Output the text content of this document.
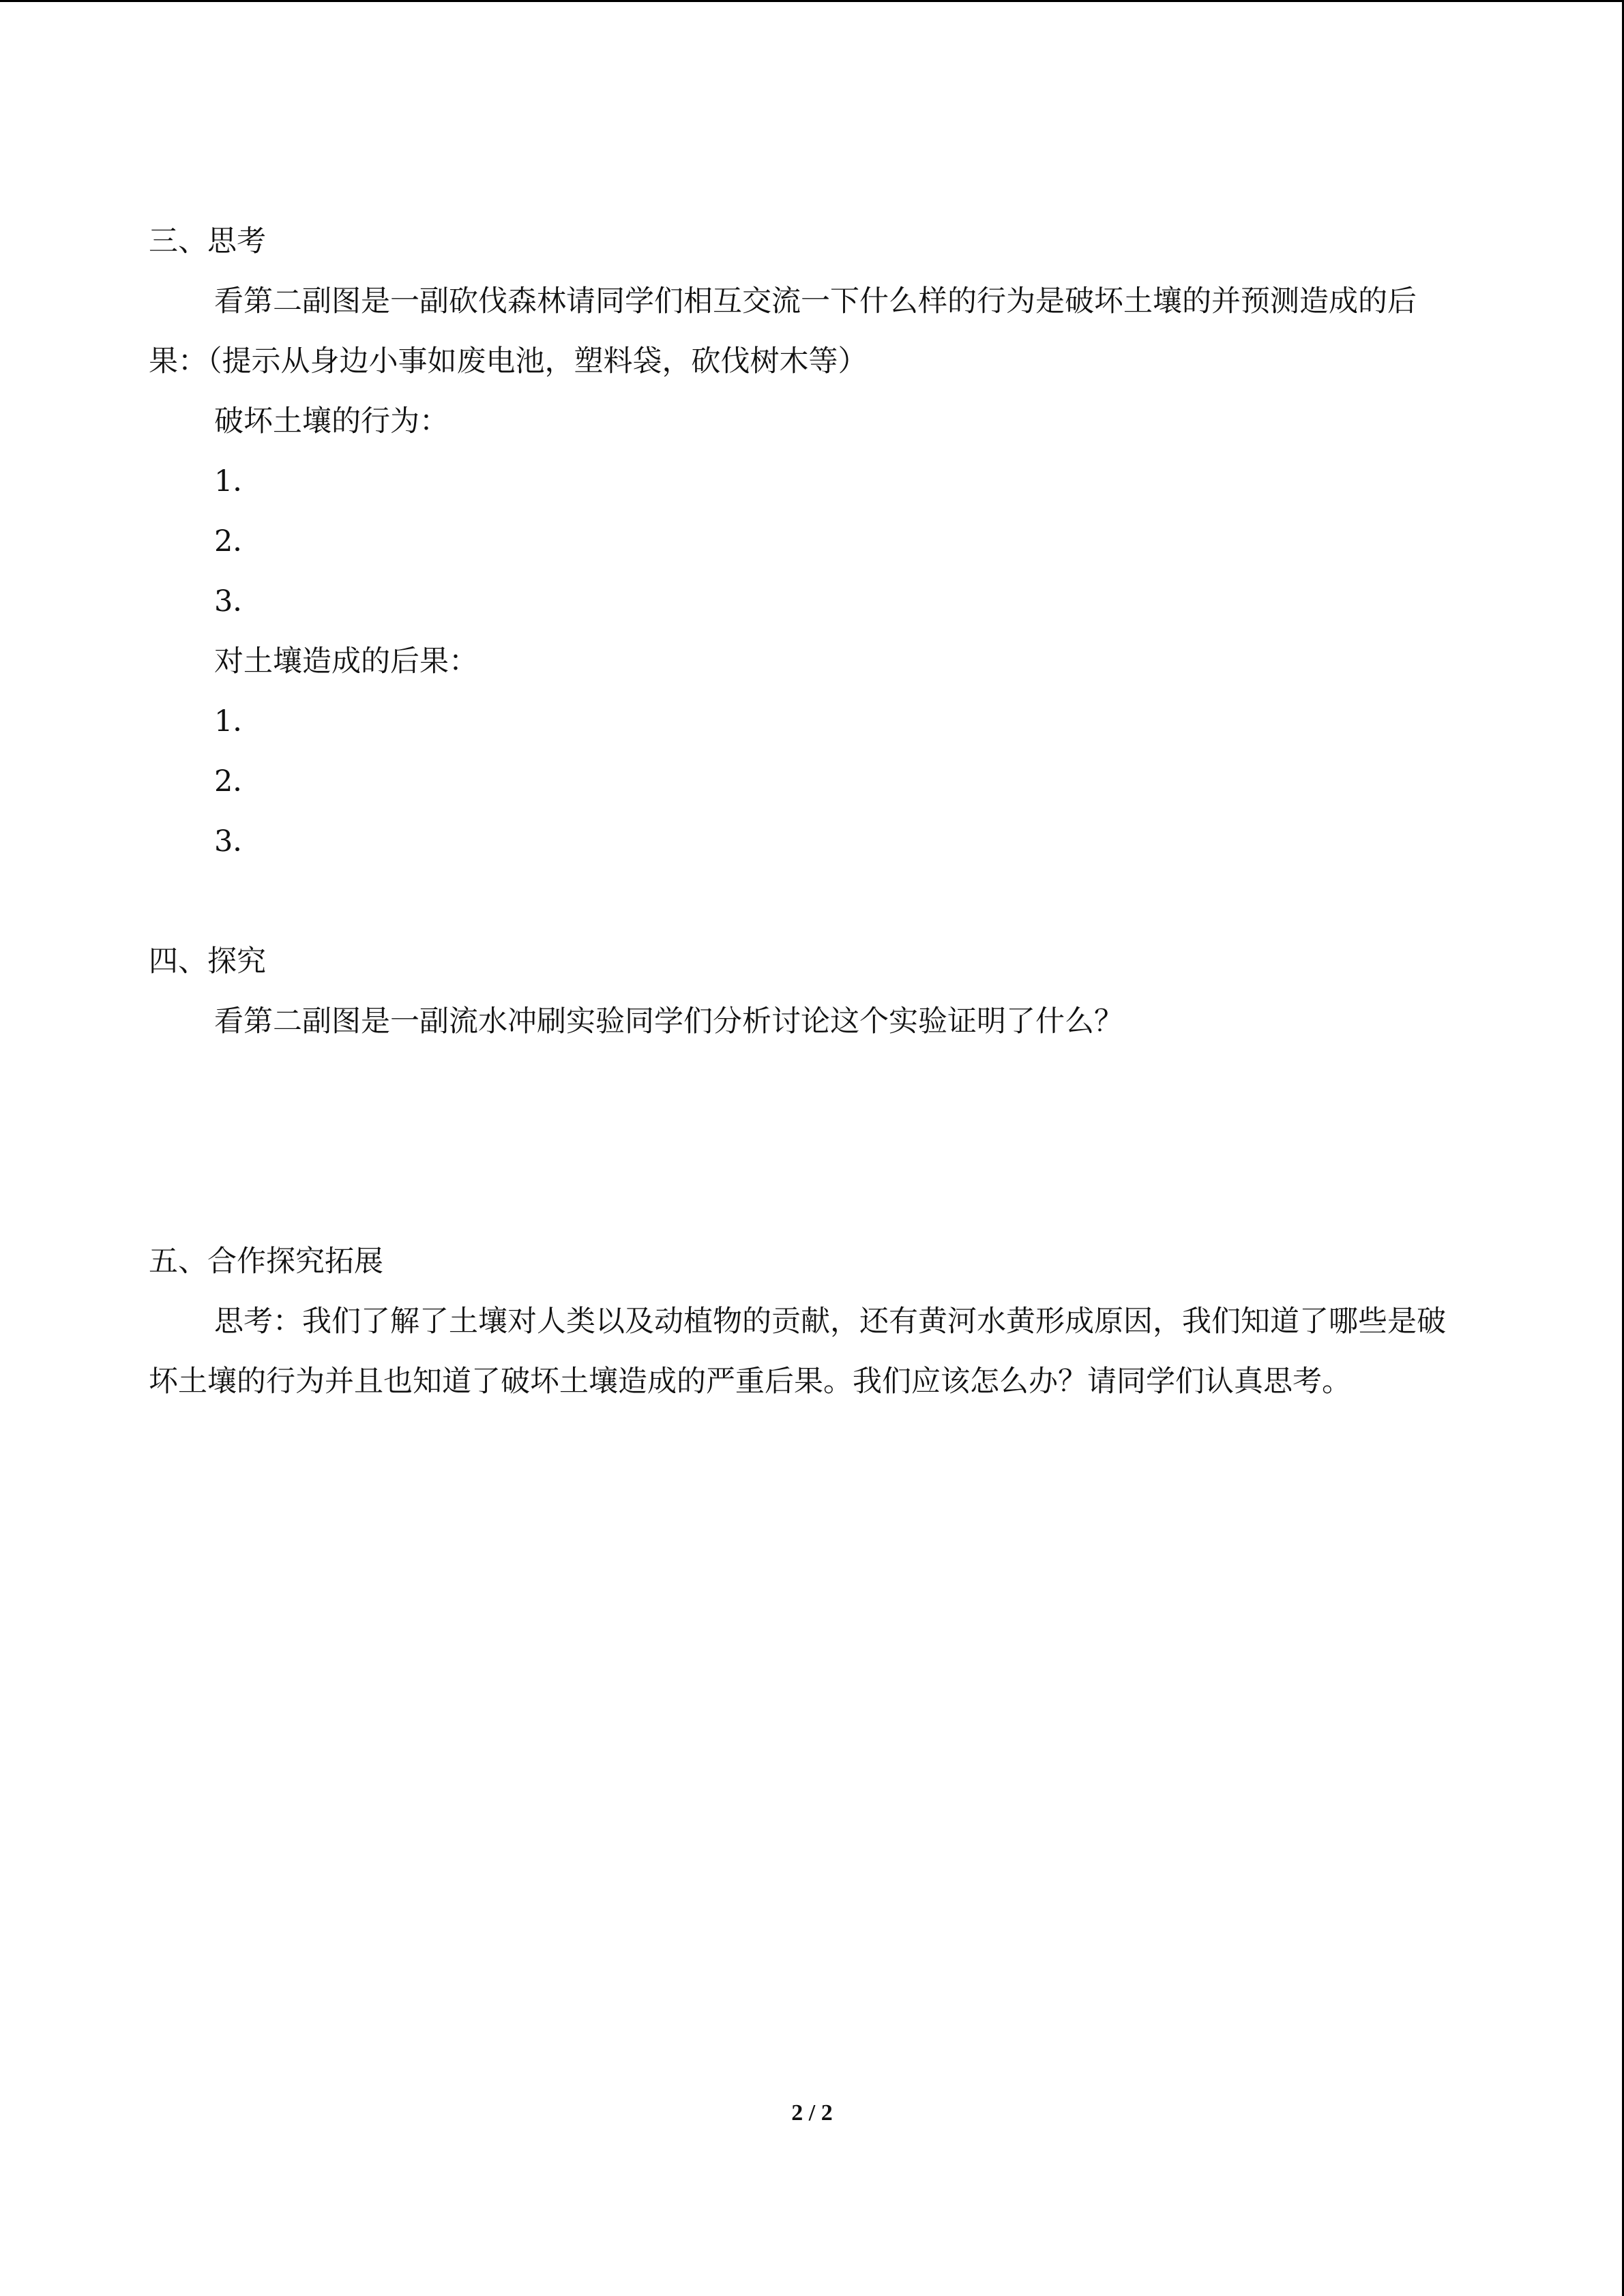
三、思考

看第二副图是一副砍伐森林请同学们相互交流一下什么样的行为是破坏土壤的并预测造成的后果：（提示从身边小事如废电池，塑料袋，砍伐树木等）

破坏土壤的行为：

1．

2．

3．

对土壤造成的后果：

1．

2．

3．

四、探究

看第二副图是一副流水冲刷实验同学们分析讨论这个实验证明了什么？

五、合作探究拓展

思考：我们了解了土壤对人类以及动植物的贡献，还有黄河水黄形成原因，我们知道了哪些是破坏土壤的行为并且也知道了破坏土壤造成的严重后果。我们应该怎么办？请同学们认真思考。

2 / 2
